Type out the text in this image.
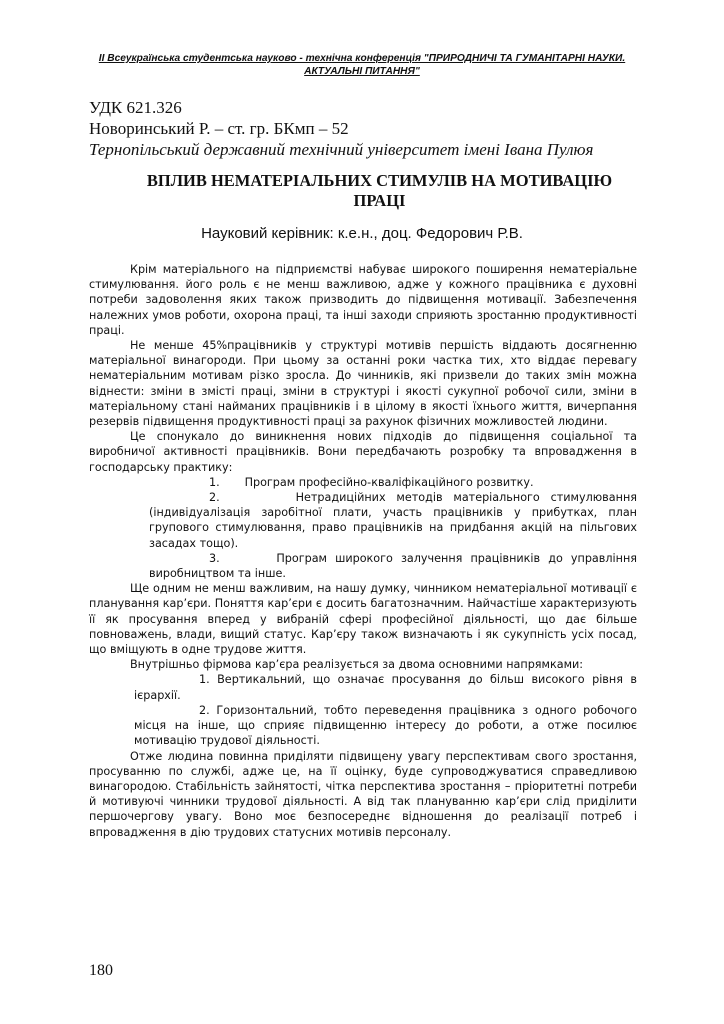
ІІ Всеукраїнська студентська науково - технічна конференція "ПРИРОДНИЧІ ТА ГУМАНІТАРНІ НАУКИ.
АКТУАЛЬНІ ПИТАННЯ"
УДК 621.326
Новоринський Р. – ст. гр. БКмп – 52
Тернопільський державний технічний університет імені Івана Пулюя
ВПЛИВ НЕМАТЕРІАЛЬНИХ СТИМУЛІВ НА МОТИВАЦІЮ
ПРАЦІ
Науковий керівник: к.е.н., доц. Федорович Р.В.

Крім матеріального на підприємстві набуває широкого поширення нематеріальне стимулювання. його роль є не менш важливою, адже у кожного працівника є духовні потреби задоволення яких також призводить до підвищення мотивації. Забезпечення належних умов роботи, охорона праці, та інші заходи сприяють зростанню продуктивності праці.

Не менше 45%працівників у структурі мотивів першість віддають досягненню матеріальної винагороди. При цьому за останні роки частка тих, хто віддає перевагу нематеріальним мотивам різко зросла. До чинників, які призвели до таких змін можна віднести: зміни в змісті праці, зміни в структурі і якості сукупної робочої сили, зміни в матеріальному стані найманих працівників і в цілому в якості їхнього життя, вичерпання резервів підвищення продуктивності праці за рахунок фізичних можливостей людини.

Це спонукало до виникнення нових підходів до підвищення соціальної та виробничої активності працівників. Вони передбачають розробку та впровадження в господарську практику:

1.       Програм професійно-кваліфікаційного розвитку.

2.       Нетрадиційних методів матеріального стимулювання (індивідуалізація заробітної плати, участь працівників у прибутках, план групового стимулювання, право працівників на придбання акцій на пільгових засадах тощо).

3.       Програм широкого залучення працівників до управління виробництвом та інше.

Ще одним не менш важливим, на нашу думку, чинником нематеріальної мотивації є планування кар’єри. Поняття кар’єри є досить багатозначним. Найчастіше характеризують її як просування вперед у вибраній сфері професійної діяльності, що дає більше повноважень, влади, вищий статус. Кар’єру також визначають і як сукупність усіх посад, що вміщують в одне трудове життя.

Внутрішньо фірмова кар’єра реалізується за двома основними напрямками:

1. Вертикальний, що означає просування до більш високого рівня в ієрархії.

2. Горизонтальний, тобто переведення працівника з одного робочого місця на інше, що сприяє підвищенню інтересу до роботи, а отже посилює мотивацію трудової діяльності.

Отже людина повинна приділяти підвищену увагу перспективам свого зростання, просуванню по службі, адже це, на її оцінку, буде супроводжуватися справедливою винагородою. Стабільність зайнятості, чітка перспектива зростання – пріоритетні потреби й мотивуючі чинники трудової діяльності. А від так плануванню кар’єри слід приділити першочергову увагу. Воно моє безпосереднє відношення до реалізації потреб і впровадження в дію трудових статусних мотивів персоналу.

180
